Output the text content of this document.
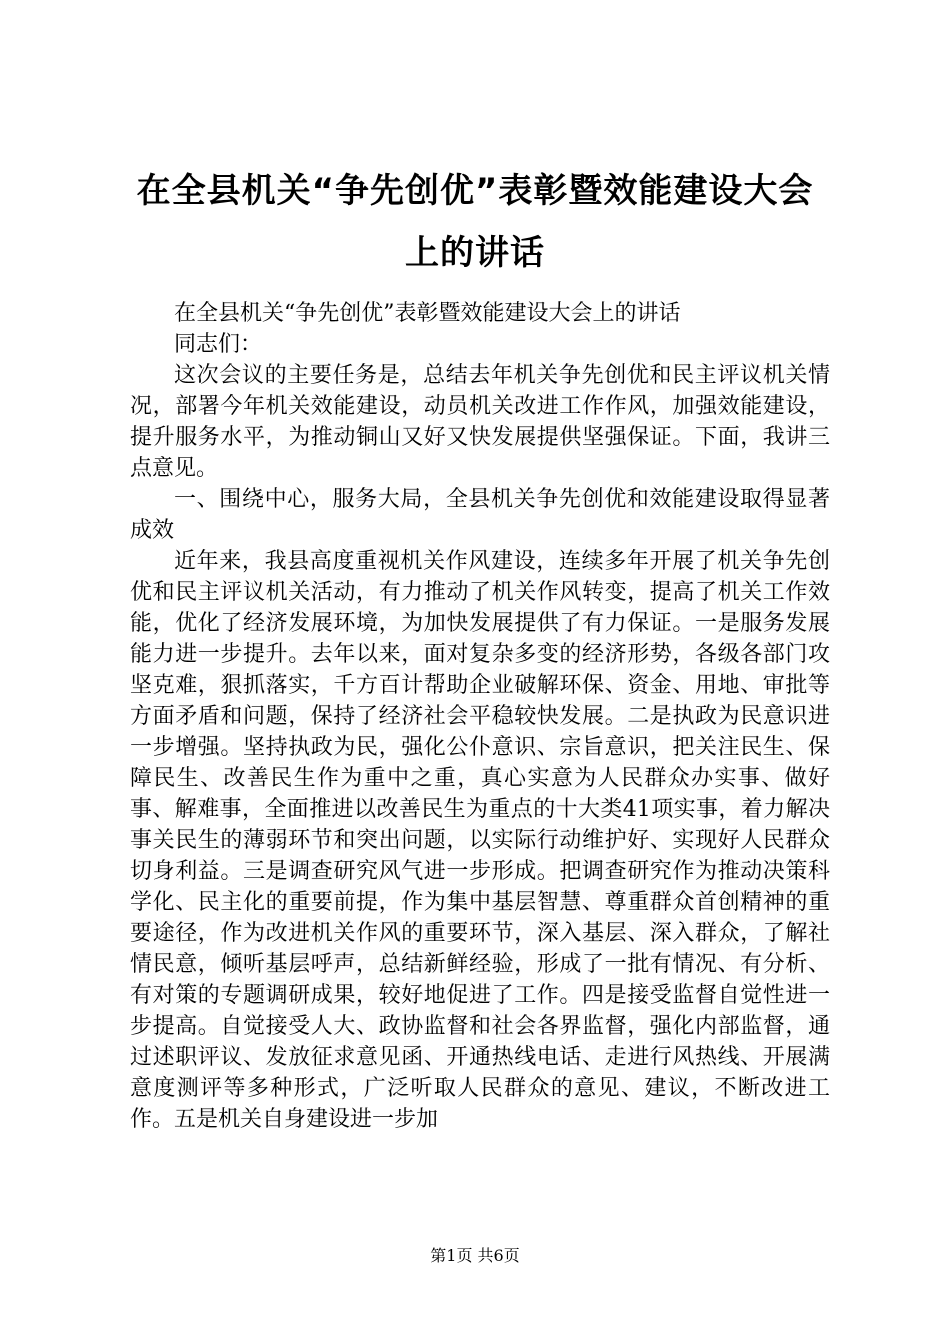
在全县机关“争先创优”表彰暨效能建设大会上的讲话

在全县机关“争先创优”表彰暨效能建设大会上的讲话

同志们：

这次会议的主要任务是，总结去年机关争先创优和民主评议机关情况，部署今年机关效能建设，动员机关改进工作作风，加强效能建设，提升服务水平，为推动铜山又好又快发展提供坚强保证。下面，我讲三点意见。

一、围绕中心，服务大局，全县机关争先创优和效能建设取得显著成效

近年来，我县高度重视机关作风建设，连续多年开展了机关争先创优和民主评议机关活动，有力推动了机关作风转变，提高了机关工作效能，优化了经济发展环境，为加快发展提供了有力保证。一是服务发展能力进一步提升。去年以来，面对复杂多变的经济形势，各级各部门攻坚克难，狠抓落实，千方百计帮助企业破解环保、资金、用地、审批等方面矛盾和问题，保持了经济社会平稳较快发展。二是执政为民意识进一步增强。坚持执政为民，强化公仆意识、宗旨意识，把关注民生、保障民生、改善民生作为重中之重，真心实意为人民群众办实事、做好事、解难事，全面推进以改善民生为重点的十大类41项实事，着力解决事关民生的薄弱环节和突出问题，以实际行动维护好、实现好人民群众切身利益。三是调查研究风气进一步形成。把调查研究作为推动决策科学化、民主化的重要前提，作为集中基层智慧、尊重群众首创精神的重要途径，作为改进机关作风的重要环节，深入基层、深入群众，了解社情民意，倾听基层呼声，总结新鲜经验，形成了一批有情况、有分析、有对策的专题调研成果，较好地促进了工作。四是接受监督自觉性进一步提高。自觉接受人大、政协监督和社会各界监督，强化内部监督，通过述职评议、发放征求意见函、开通热线电话、走进行风热线、开展满意度测评等多种形式，广泛听取人民群众的意见、建议，不断改进工作。五是机关自身建设进一步加

第1页 共6页
